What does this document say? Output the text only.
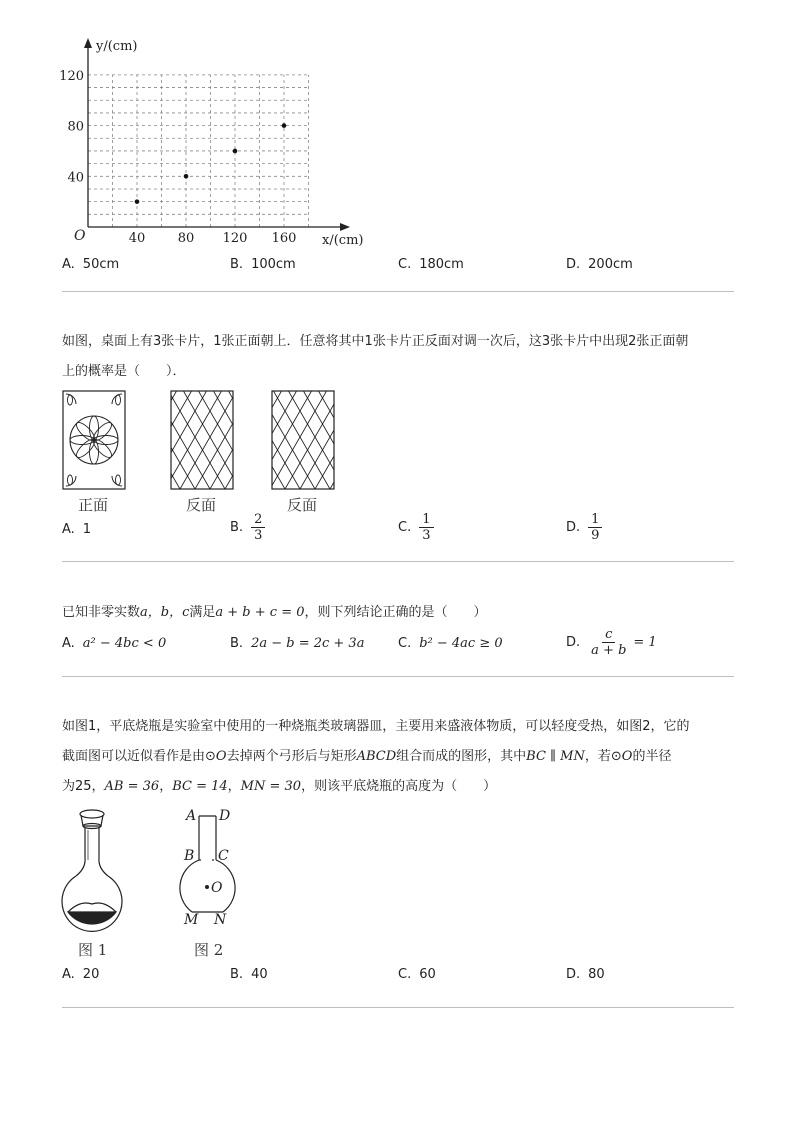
40 80 120 160
40
80
120
O
y/(cm)
x/(cm)
A. 50cm	B. 100cm	C. 180cm	D. 200cm
如图，桌面上有3张卡片，1张正面朝上．任意将其中1张卡片正反面对调一次后，这3张卡片中出现2张正面朝
上的概率是（　　）．
正面	反面	反面
A. 1	B. $\frac{2}{3}$	C. $\frac{1}{3}$	D. $\frac{1}{9}$
已知非零实数a，b，c满足a + b + c = 0，则下列结论正确的是（　　）
A. a² − 4bc < 0	B. 2a − b = 2c + 3a	C. b² − 4ac ≥ 0	D. $\frac{c}{a + b} = 1$
如图1，平底烧瓶是实验室中使用的一种烧瓶类玻璃器皿，主要用来盛液体物质，可以轻度受热，如图2，它的
截面图可以近似看作是由⊙O去掉两个弓形后与矩形ABCD组合而成的图形，其中BC ∥ MN，若⊙O的半径
为25，AB = 36，BC = 14，MN = 30，则该平底烧瓶的高度为（　　）
A D
B C
O
M N
图 1	图 2
A. 20	B. 40	C. 60	D. 80
